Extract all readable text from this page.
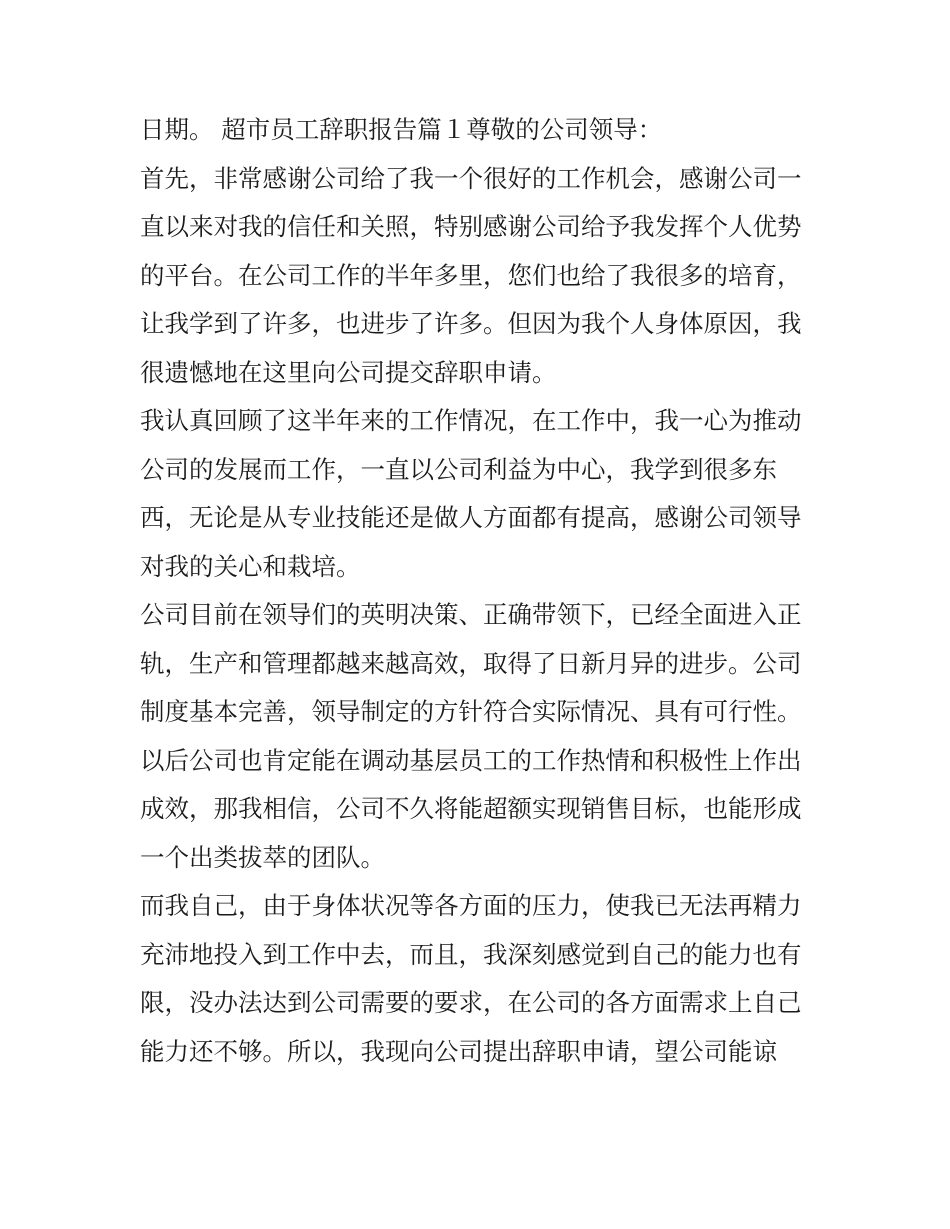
日期。 超市员工辞职报告篇１尊敬的公司领导：
首先，非常感谢公司给了我一个很好的工作机会，感谢公司一
直以来对我的信任和关照，特别感谢公司给予我发挥个人优势
的平台。在公司工作的半年多里，您们也给了我很多的培育，
让我学到了许多，也进步了许多。但因为我个人身体原因，我
很遗憾地在这里向公司提交辞职申请。
我认真回顾了这半年来的工作情况，在工作中，我一心为推动
公司的发展而工作，一直以公司利益为中心，我学到很多东
西，无论是从专业技能还是做人方面都有提高，感谢公司领导
对我的关心和栽培。
公司目前在领导们的英明决策、正确带领下，已经全面进入正
轨，生产和管理都越来越高效，取得了日新月异的进步。公司
制度基本完善，领导制定的方针符合实际情况、具有可行性。
以后公司也肯定能在调动基层员工的工作热情和积极性上作出
成效，那我相信，公司不久将能超额实现销售目标，也能形成
一个出类拔萃的团队。
而我自己，由于身体状况等各方面的压力，使我已无法再精力
充沛地投入到工作中去，而且，我深刻感觉到自己的能力也有
限，没办法达到公司需要的要求，在公司的各方面需求上自己
能力还不够。所以，我现向公司提出辞职申请，望公司能谅
